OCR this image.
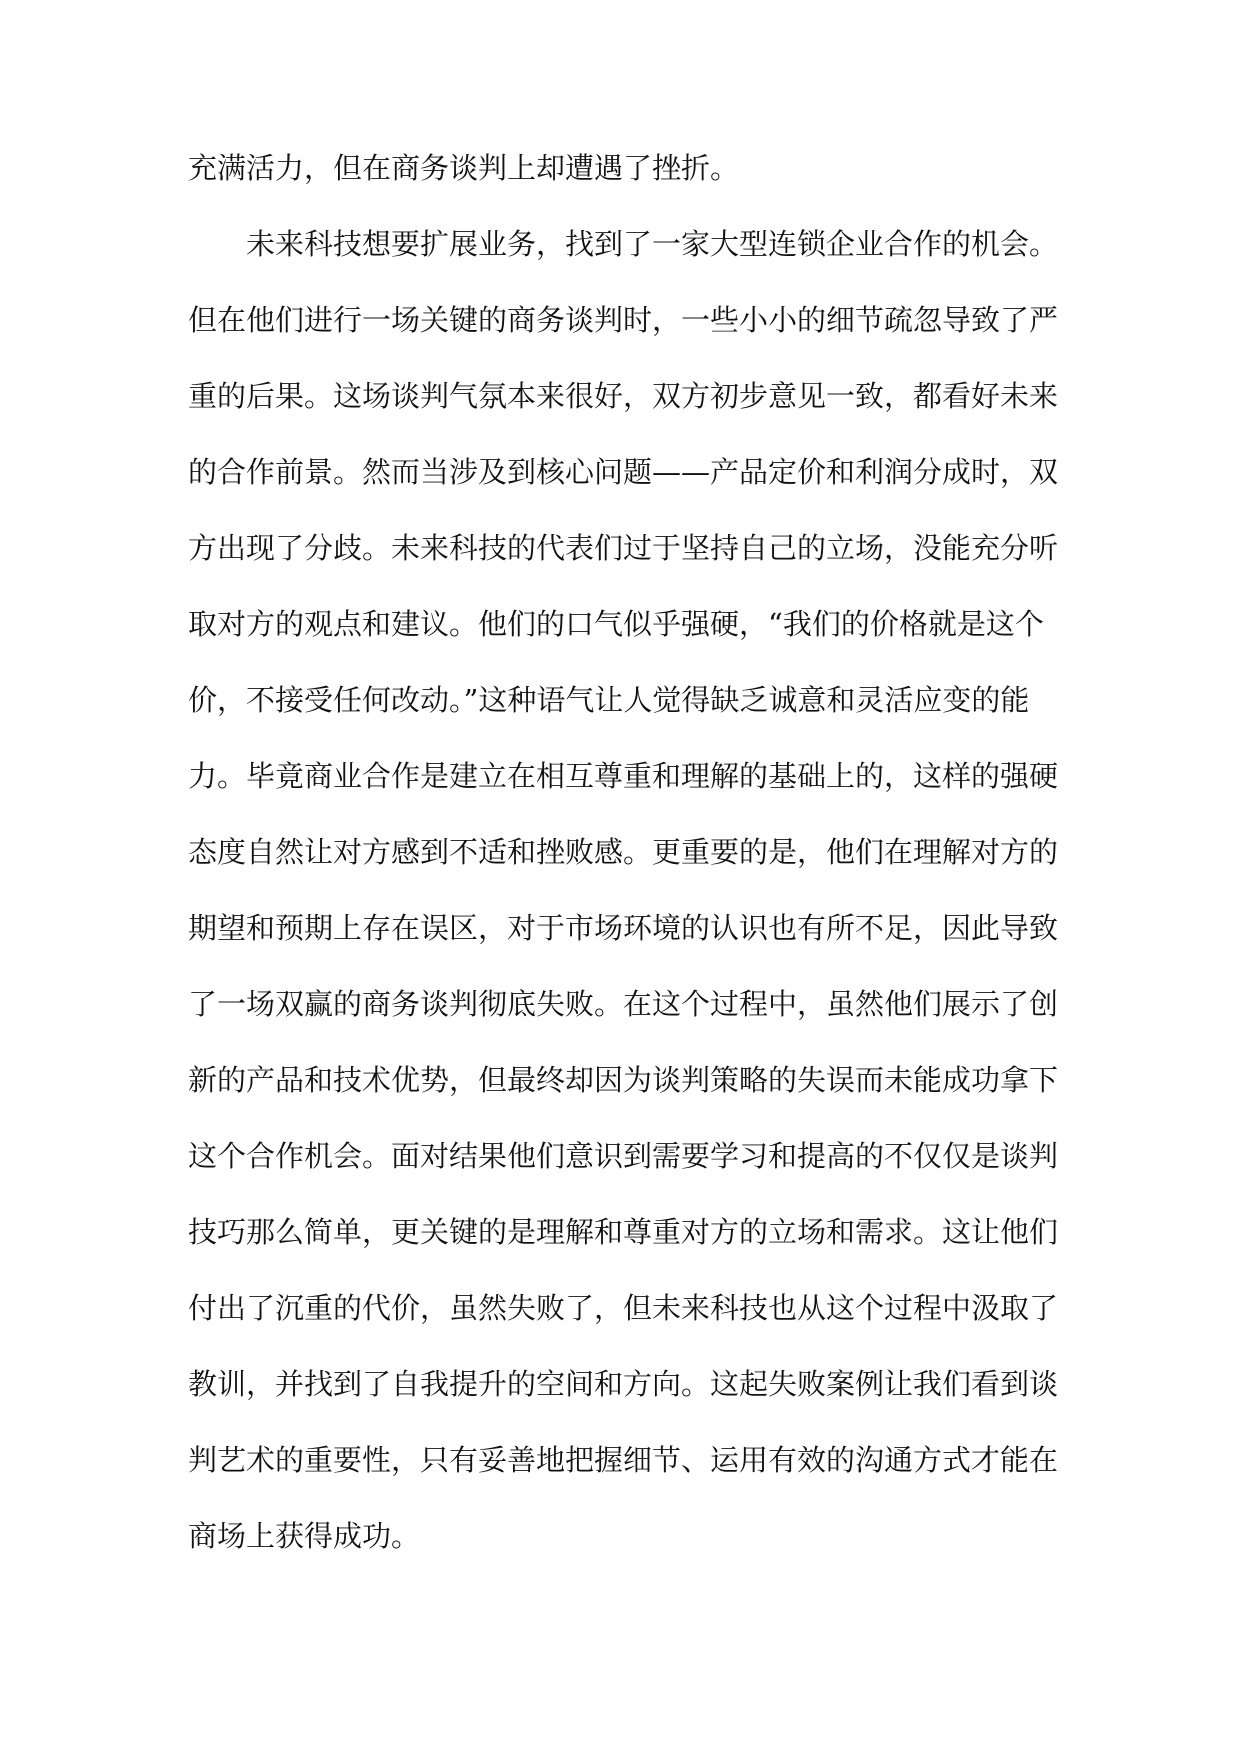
充满活力，但在商务谈判上却遭遇了挫折。
未来科技想要扩展业务，找到了一家大型连锁企业合作的机会。
但在他们进行一场关键的商务谈判时，一些小小的细节疏忽导致了严
重的后果。这场谈判气氛本来很好，双方初步意见一致，都看好未来
的合作前景。然而当涉及到核心问题——产品定价和利润分成时，双
方出现了分歧。未来科技的代表们过于坚持自己的立场，没能充分听
取对方的观点和建议。他们的口气似乎强硬，“我们的价格就是这个
价，不接受任何改动。”这种语气让人觉得缺乏诚意和灵活应变的能
力。毕竟商业合作是建立在相互尊重和理解的基础上的，这样的强硬
态度自然让对方感到不适和挫败感。更重要的是，他们在理解对方的
期望和预期上存在误区，对于市场环境的认识也有所不足，因此导致
了一场双赢的商务谈判彻底失败。在这个过程中，虽然他们展示了创
新的产品和技术优势，但最终却因为谈判策略的失误而未能成功拿下
这个合作机会。面对结果他们意识到需要学习和提高的不仅仅是谈判
技巧那么简单，更关键的是理解和尊重对方的立场和需求。这让他们
付出了沉重的代价，虽然失败了，但未来科技也从这个过程中汲取了
教训，并找到了自我提升的空间和方向。这起失败案例让我们看到谈
判艺术的重要性，只有妥善地把握细节、运用有效的沟通方式才能在
商场上获得成功。
